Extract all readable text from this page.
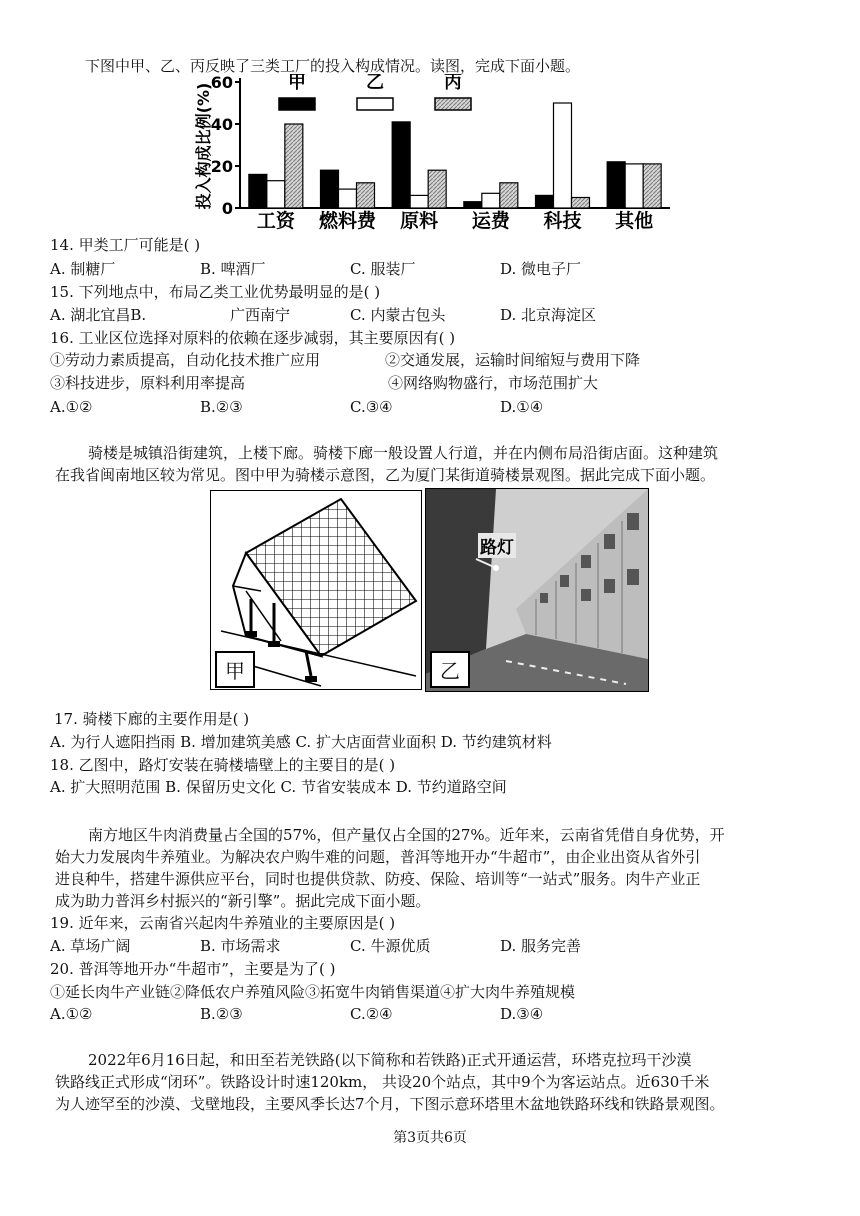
下图中甲、乙、丙反映了三类工厂的投入构成情况。读图，完成下面小题。
投入构成比例(%) 0
20
40
60	甲	乙	丙
工资 燃料费 原料 运费 科技 其他
14. 甲类工厂可能是( )
A. 制糖厂	B. 啤酒厂	C. 服装厂	D. 微电子厂
15. 下列地点中，布局乙类工业优势最明显的是( )
A. 湖北宜昌B.	广西南宁	C. 内蒙古包头	D. 北京海淀区
16. 工业区位选择对原料的依赖在逐步减弱，其主要原因有( )
①劳动力素质提高，自动化技术推广应用	②交通发展，运输时间缩短与费用下降
③科技进步，原料利用率提高	④网络购物盛行，市场范围扩大
A.①②	B.②③	C.③④	D.①④
骑楼是城镇沿街建筑，上楼下廊。骑楼下廊一般设置人行道，并在内侧布局沿街店面。这种建筑
在我省闽南地区较为常见。图中甲为骑楼示意图，乙为厦门某街道骑楼景观图。据此完成下面小题。
甲
路灯
乙
17. 骑楼下廊的主要作用是( )
A. 为行人遮阳挡雨 B. 增加建筑美感 C. 扩大店面营业面积 D. 节约建筑材料
18. 乙图中，路灯安装在骑楼墙壁上的主要目的是( )
A. 扩大照明范围 B. 保留历史文化 C. 节省安装成本 D. 节约道路空间
南方地区牛肉消费量占全国的57%，但产量仅占全国的27%。近年来，云南省凭借自身优势，开
始大力发展肉牛养殖业。为解决农户购牛难的问题，普洱等地开办“牛超市”，由企业出资从省外引
进良种牛，搭建牛源供应平台，同时也提供贷款、防疫、保险、培训等“一站式”服务。肉牛产业正
成为助力普洱乡村振兴的“新引擎”。据此完成下面小题。
19. 近年来，云南省兴起肉牛养殖业的主要原因是( )
A. 草场广阔	B. 市场需求	C. 牛源优质	D. 服务完善
20. 普洱等地开办“牛超市”，主要是为了( )
①延长肉牛产业链②降低农户养殖风险③拓宽牛肉销售渠道④扩大肉牛养殖规模
A.①②	B.②③	C.②④	D.③④
2022年6月16日起，和田至若羌铁路(以下简称和若铁路)正式开通运营，环塔克拉玛干沙漠
铁路线正式形成“闭环”。铁路设计时速120km， 共设20个站点，其中9个为客运站点。近630千米
为人迹罕至的沙漠、戈壁地段，主要风季长达7个月，下图示意环塔里木盆地铁路环线和铁路景观图。
第3页共6页
